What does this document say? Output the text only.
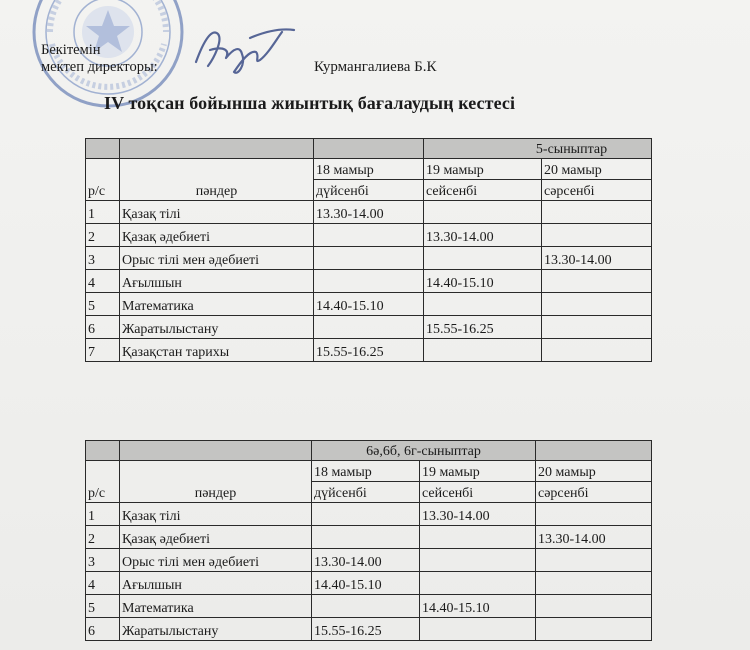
Бекітемін
мектеп директоры:	Курмангалиева Б.К
IV тоқсан бойынша жиынтық бағалаудың кестесі
			5-сыныптар	
р/с	пәндер	18 мамыр	19 мамыр	20 мамыр
		дүйсенбі	сейсенбі	сәрсенбі
1	Қазақ тілі	13.30-14.00		
2	Қазақ әдебиеті		13.30-14.00	
3	Орыс тілі мен әдебиеті			13.30-14.00
4	Ағылшын		14.40-15.10	
5	Математика	14.40-15.10		
6	Жаратылыстану		15.55-16.25	
7	Қазақстан тарихы	15.55-16.25		
		6ә,6б, 6г-сыныптар		
р/с	пәндер	18 мамыр	19 мамыр	20 мамыр
		дүйсенбі	сейсенбі	сәрсенбі
1	Қазақ тілі		13.30-14.00	
2	Қазақ әдебиеті			13.30-14.00
3	Орыс тілі мен әдебиеті	13.30-14.00		
4	Ағылшын	14.40-15.10		
5	Математика		14.40-15.10	
6	Жаратылыстану	15.55-16.25		
